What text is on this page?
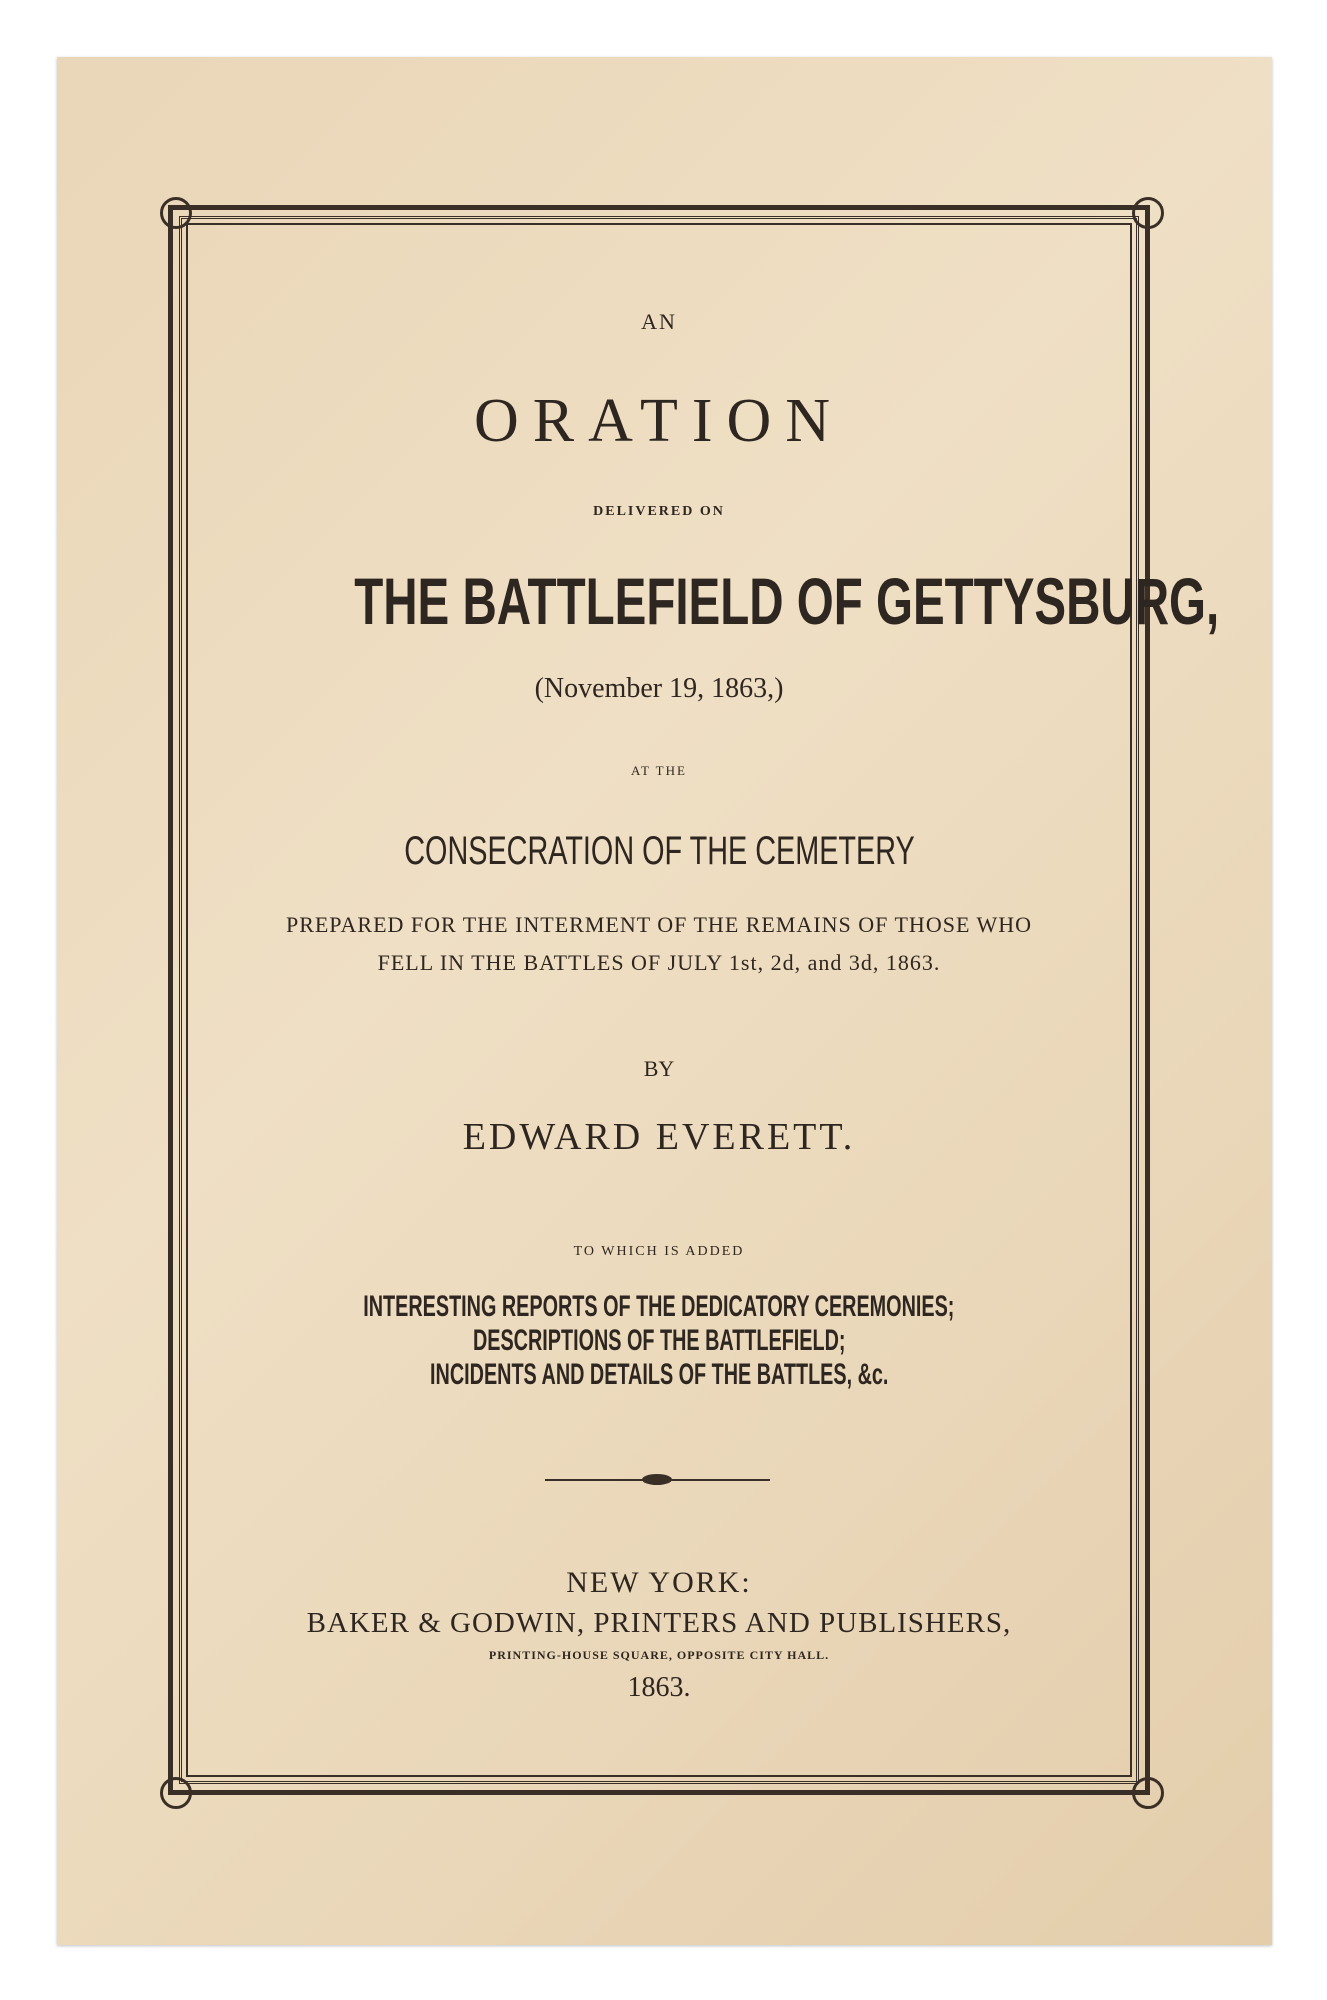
AN
ORATION
DELIVERED ON
THE BATTLEFIELD OF GETTYSBURG,
(November 19, 1863,)
AT THE
CONSECRATION OF THE CEMETERY
PREPARED FOR THE INTERMENT OF THE REMAINS OF THOSE WHO
FELL IN THE BATTLES OF JULY 1st, 2d, and 3d, 1863.
BY
EDWARD EVERETT.
TO WHICH IS ADDED
INTERESTING REPORTS OF THE DEDICATORY CEREMONIES;
DESCRIPTIONS OF THE BATTLEFIELD;
INCIDENTS AND DETAILS OF THE BATTLES, &c.
NEW YORK:
BAKER & GODWIN, PRINTERS AND PUBLISHERS,
PRINTING-HOUSE SQUARE, OPPOSITE CITY HALL.
1863.
